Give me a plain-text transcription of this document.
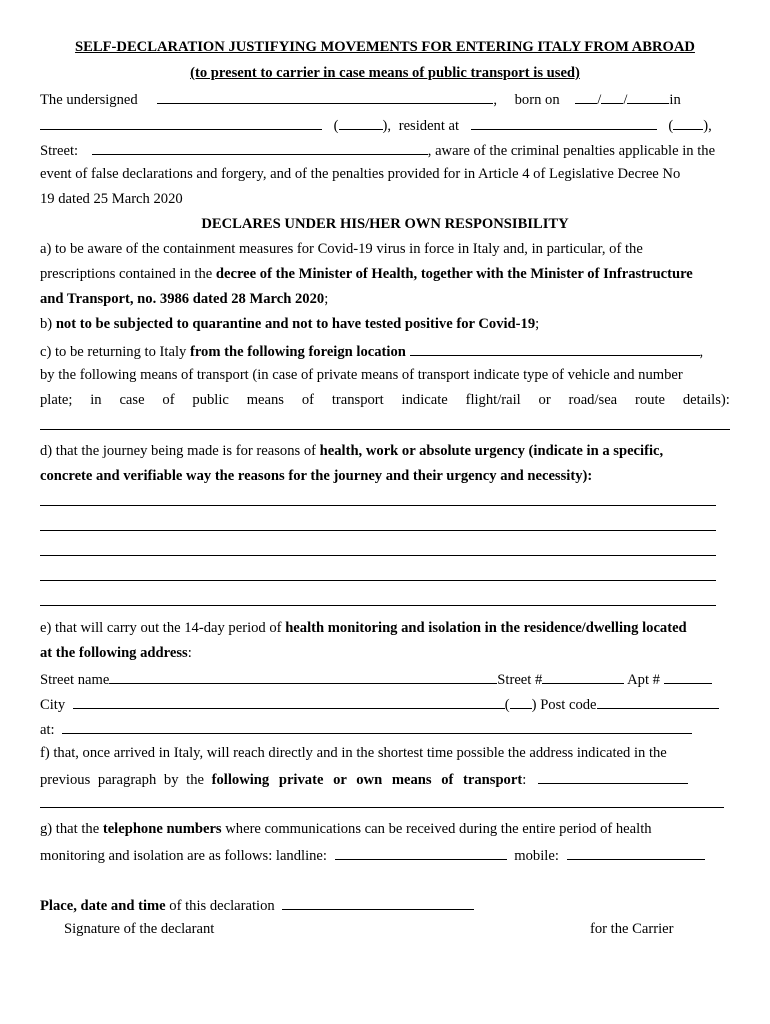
SELF-DECLARATION JUSTIFYING MOVEMENTS FOR ENTERING ITALY FROM ABROAD
(to present to carrier in case means of public transport is used)
The undersigned	, born on	/ /	in
(	), resident at	( ),
Street:	, aware of the criminal penalties applicable in the
event of false declarations and forgery, and of the penalties provided for in Article 4 of Legislative Decree No
19 dated 25 March 2020
DECLARES UNDER HIS/HER OWN RESPONSIBILITY
a) to be aware of the containment measures for Covid-19 virus in force in Italy and, in particular, of the
prescriptions contained in the decree of the Minister of Health, together with the Minister of Infrastructure
and Transport, no. 3986 dated 28 March 2020;
b) not to be subjected to quarantine and not to have tested positive for Covid-19;
c) to be returning to Italy from the following foreign location	,
by the following means of transport (in case of private means of transport indicate type of vehicle and number
plate; in case of public means of transport indicate flight/rail or road/sea route details):
d) that the journey being made is for reasons of health, work or absolute urgency (indicate in a specific,
concrete and verifiable way the reasons for the journey and their urgency and necessity):
e) that will carry out the 14-day period of health monitoring and isolation in the residence/dwelling located
at the following address:
Street name	Street #	Apt #
City	( ) Post code
at:
f) that, once arrived in Italy, will reach directly and in the shortest time possible the address indicated in the
previous paragraph by the following private or own means of transport:
g) that the telephone numbers where communications can be received during the entire period of health
monitoring and isolation are as follows: landline:	mobile:
Place, date and time of this declaration
Signature of the declarant	for the Carrier
